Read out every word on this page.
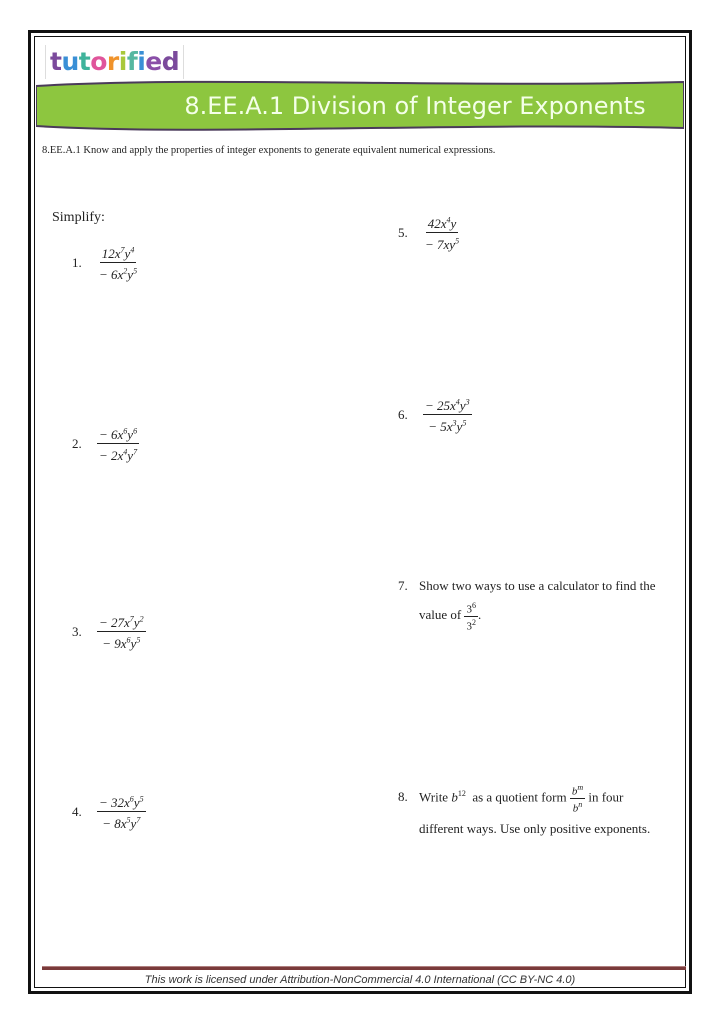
tutorified
8.EE.A.1 Division of Integer Exponents
8.EE.A.1 Know and apply the properties of integer exponents to generate equivalent numerical expressions.
Simplify:
1.	$\frac{12x^7y^4}{- 6x^2y^5}$
2.	$\frac{- 6x^6y^6}{- 2x^4y^7}$
3.	$\frac{- 27x^7y^2}{- 9x^6y^5}$
4.	$\frac{- 32x^6y^5}{- 8x^5y^7}$
5.	$\frac{42x^4y}{- 7xy^5}$
6.	$\frac{- 25x^4y^3}{- 5x^3y^5}$
7. Show two ways to use a calculator to find the
value of $\frac{3^6}{3^2}$ .
8. Write $b^{12}$ as a quotient form $\frac{b^m}{b^n}$ in four
different ways. Use only positive exponents.
This work is licensed under Attribution-NonCommercial 4.0 International (CC BY-NC 4.0)
